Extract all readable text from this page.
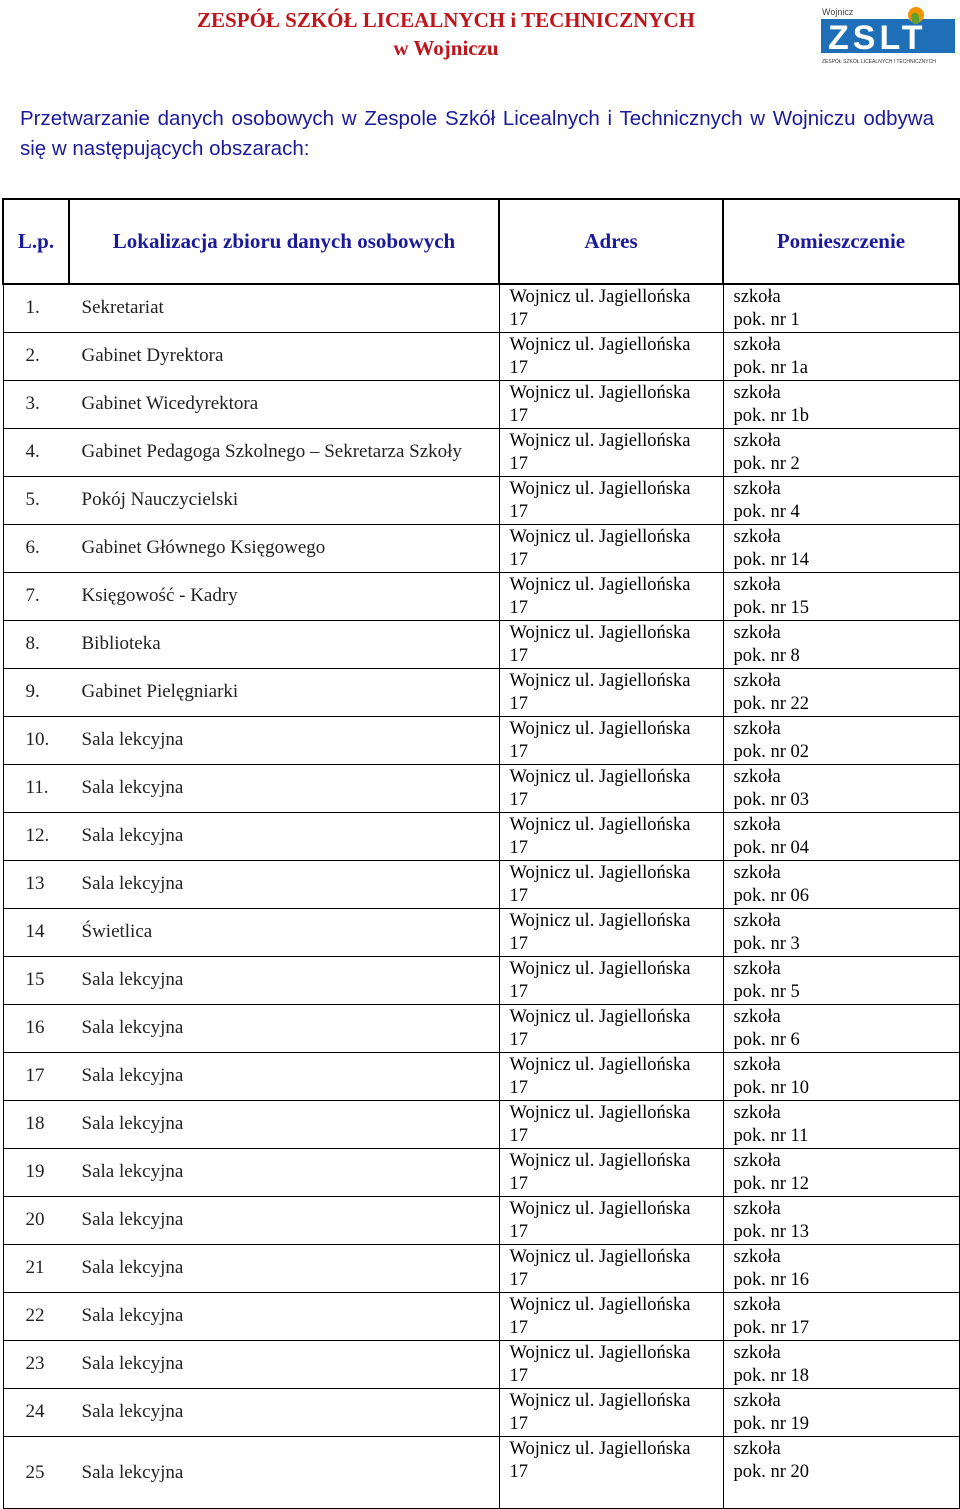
ZESPÓŁ SZKÓŁ LICEALNYCH i TECHNICZNYCH
w Wojniczu
Wojnicz
ZSLT
ZESPÓŁ SZKÓŁ LICEALNYCH I TECHNICZNYCH
Przetwarzanie danych osobowych w Zespole Szkół Licealnych i Technicznych w Wojniczu odbywa się w następujących obszarach:
L.p.	Lokalizacja zbioru danych osobowych	Adres	Pomieszczenie

1. Sekretariat		Wojnicz ul. Jagiellońska
17	szkoła
pok. nr 1

2. Gabinet Dyrektora		Wojnicz ul. Jagiellońska
17	szkoła
pok. nr 1a

3. Gabinet Wicedyrektora		Wojnicz ul. Jagiellońska
17	szkoła
pok. nr 1b

4. Gabinet Pedagoga Szkolnego – Sekretarza Szkoły		Wojnicz ul. Jagiellońska
17	szkoła
pok. nr 2

5. Pokój Nauczycielski		Wojnicz ul. Jagiellońska
17	szkoła
pok. nr 4

6. Gabinet Głównego Księgowego		Wojnicz ul. Jagiellońska
17	szkoła
pok. nr 14

7. Księgowość - Kadry		Wojnicz ul. Jagiellońska
17	szkoła
pok. nr 15

8. Biblioteka		Wojnicz ul. Jagiellońska
17	szkoła
pok. nr 8

9. Gabinet Pielęgniarki		Wojnicz ul. Jagiellońska
17	szkoła
pok. nr 22

10. Sala lekcyjna		Wojnicz ul. Jagiellońska
17	szkoła
pok. nr 02

11. Sala lekcyjna		Wojnicz ul. Jagiellońska
17	szkoła
pok. nr 03

12. Sala lekcyjna		Wojnicz ul. Jagiellońska
17	szkoła
pok. nr 04

13 Sala lekcyjna		Wojnicz ul. Jagiellońska
17	szkoła
pok. nr 06

14 Świetlica		Wojnicz ul. Jagiellońska
17	szkoła
pok. nr 3

15 Sala lekcyjna		Wojnicz ul. Jagiellońska
17	szkoła
pok. nr 5

16 Sala lekcyjna		Wojnicz ul. Jagiellońska
17	szkoła
pok. nr 6

17 Sala lekcyjna		Wojnicz ul. Jagiellońska
17	szkoła
pok. nr 10

18 Sala lekcyjna		Wojnicz ul. Jagiellońska
17	szkoła
pok. nr 11

19 Sala lekcyjna		Wojnicz ul. Jagiellońska
17	szkoła
pok. nr 12

20 Sala lekcyjna		Wojnicz ul. Jagiellońska
17	szkoła
pok. nr 13

21 Sala lekcyjna		Wojnicz ul. Jagiellońska
17	szkoła
pok. nr 16

22 Sala lekcyjna		Wojnicz ul. Jagiellońska
17	szkoła
pok. nr 17

23 Sala lekcyjna		Wojnicz ul. Jagiellońska
17	szkoła
pok. nr 18

24 Sala lekcyjna		Wojnicz ul. Jagiellońska
17	szkoła
pok. nr 19

25 Sala lekcyjna		Wojnicz ul. Jagiellońska
17	szkoła
pok. nr 20
